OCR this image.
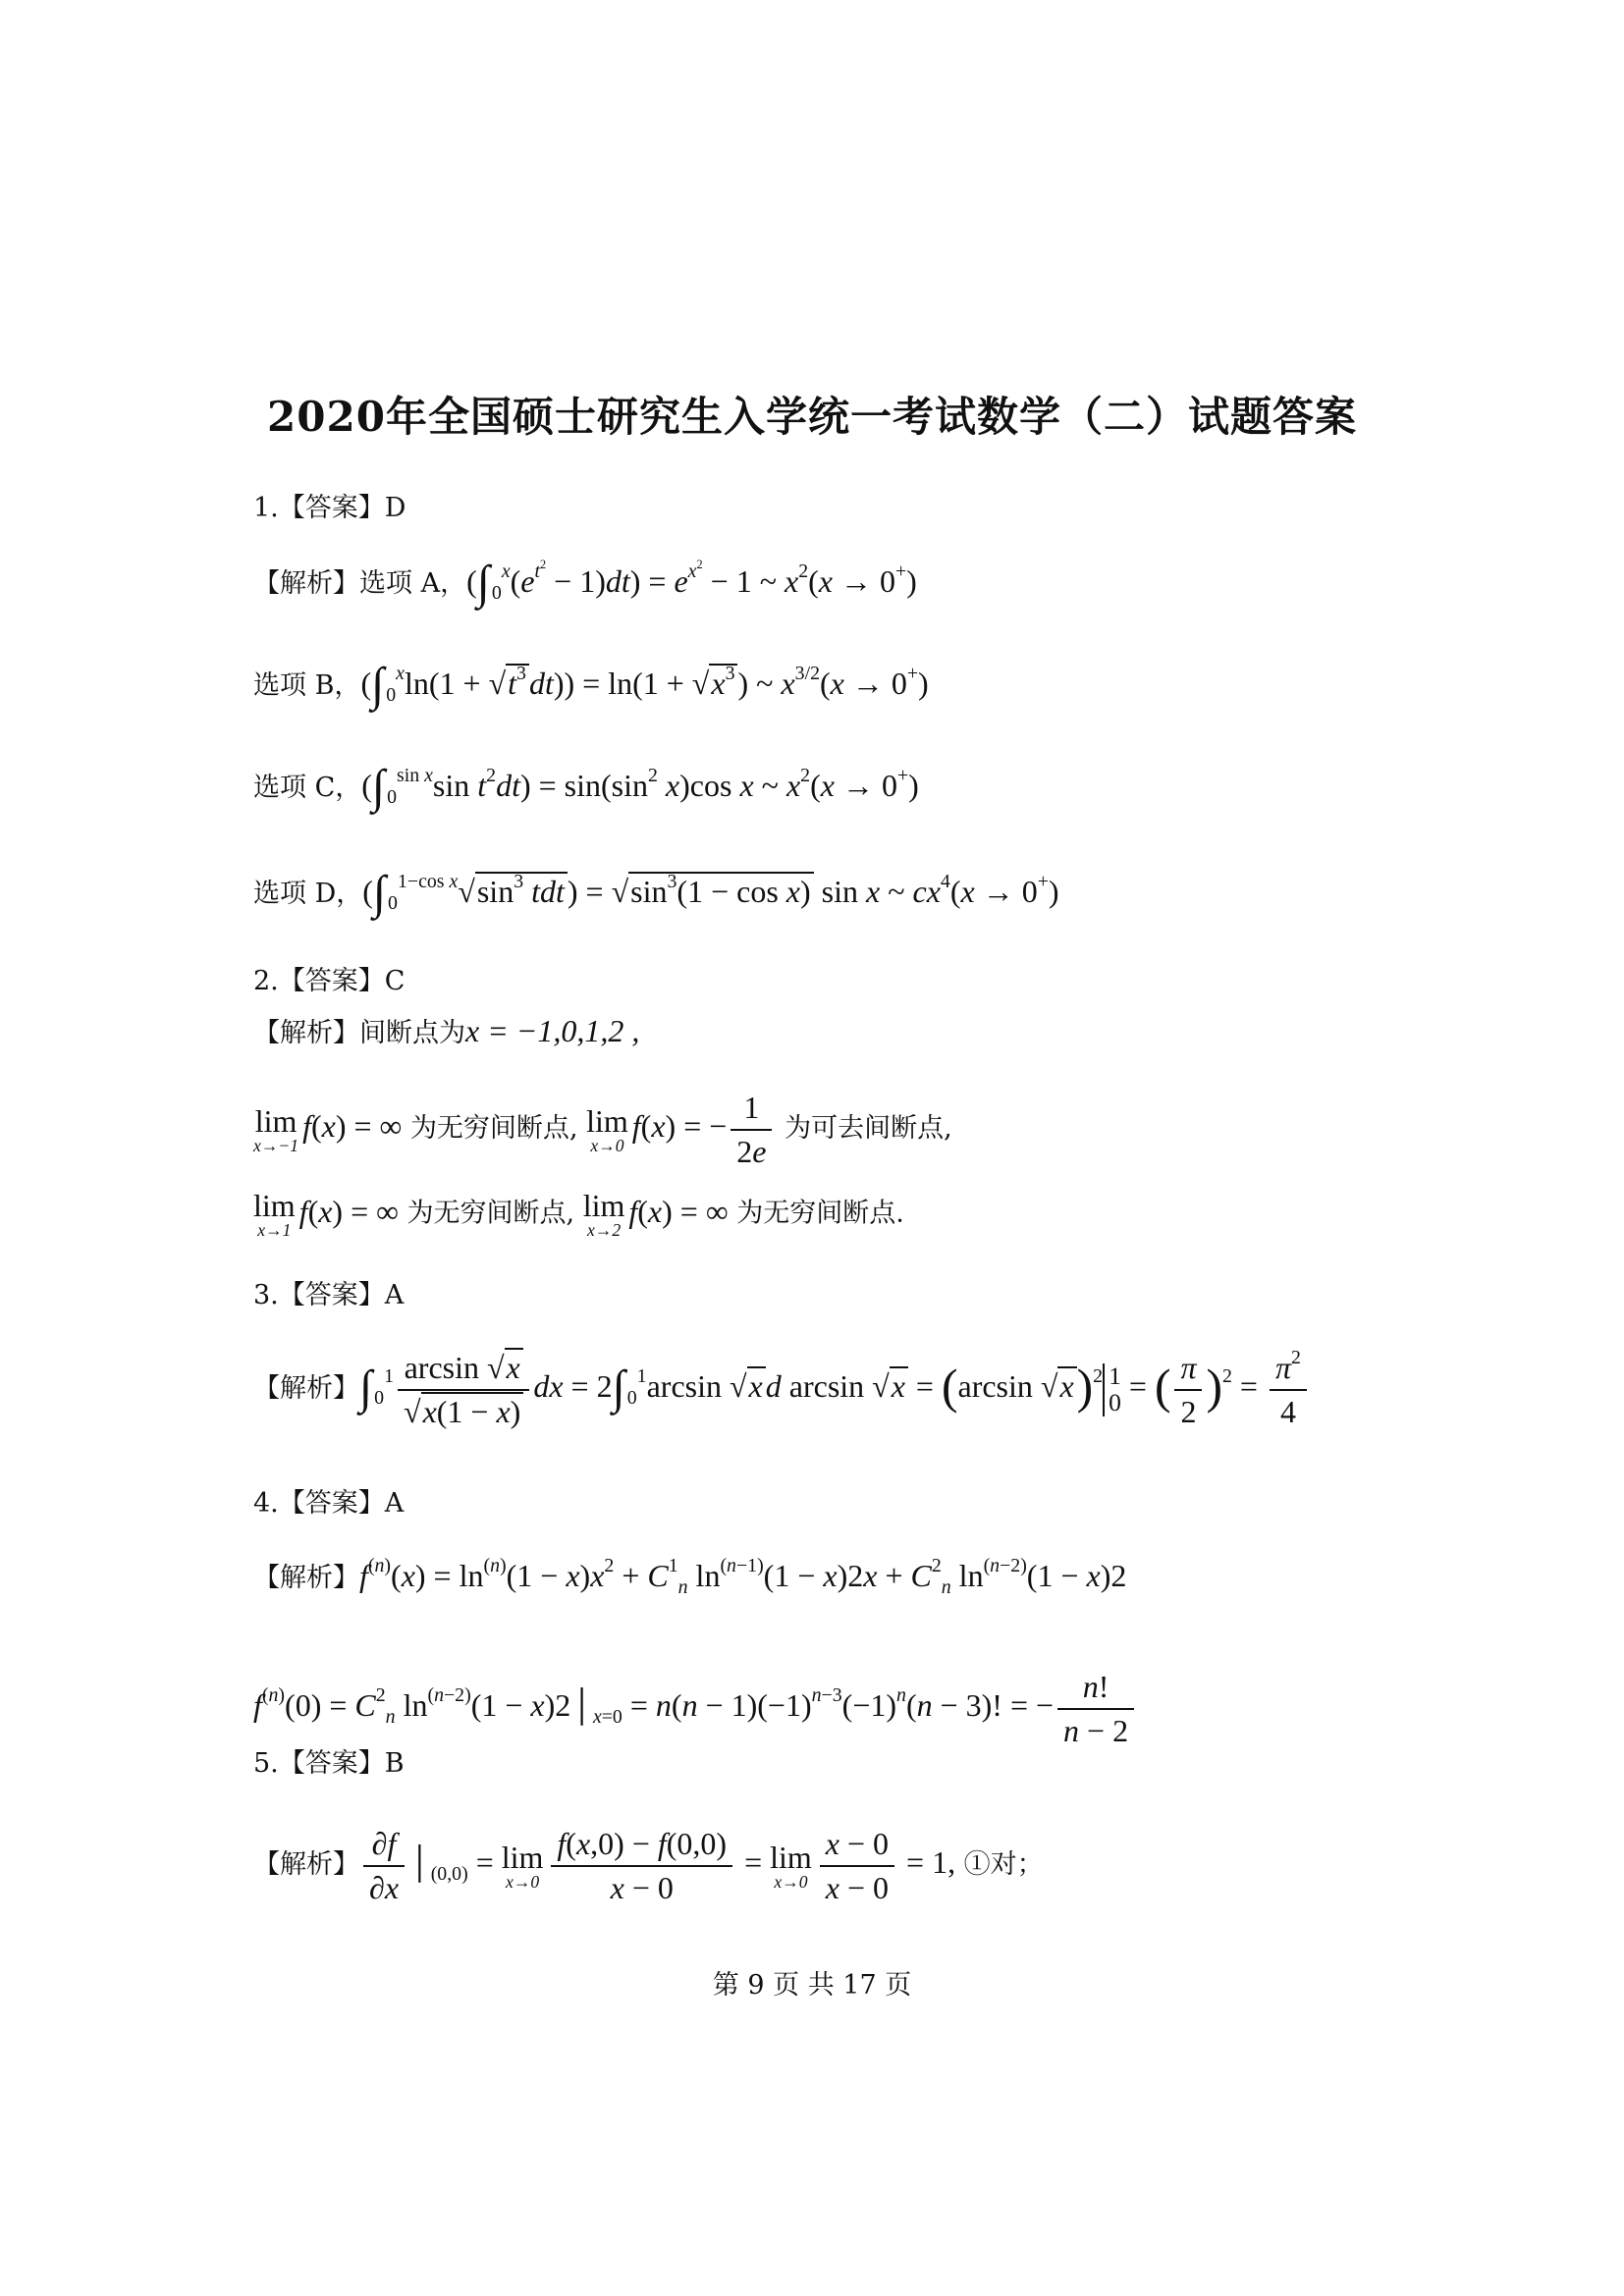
2020年全国硕士研究生入学统一考试数学（二）试题答案
1.【答案】D
【解析】选项 A，(∫ $_0^x(e^{t^2} - 1)dt) = e^{x^2} - 1$ ~ $x^2(x \to 0^+)$
选项 B，(∫ $_0^x\ln(1 + √t^3dt)) = \ln(1 + √x^3)$ ~ $x^{3/2}(x \to 0^+)$
选项 C，(∫ $_0^{sin x}$sin $t^2dt) = \sin(\sin^2$ x)cos x ~ $x^2(x \to 0^+)$
选项 D，(∫ $_0^{1-cos x}√\sin^3$ $tdt) = √\sin^3(1 - \cos x)$ sin x ~ $cx^4(x \to 0^+)$
2.【答案】C
【解析】间断点为x = −1,0,1,2 ,
lim
x→−1
f(x) = ∞ 为无穷间断点, lim
x→0
f(x) = − $\frac{1}{2e}$ 为可去间断点,
lim
x→1
f(x) = ∞ 为无穷间断点, lim
x→2
f(x) = ∞ 为无穷间断点.
3.【答案】A
【解析】∫ $_0^1 \frac{\arcsin √x}{√x(1 - x)}$ dx = 2∫ $_0^1$arcsin √xd arcsin √x = (arcsin √x)$^2$ 1
0 = ( $\frac{\pi}{2} )^2 = \frac{\pi^2}{4}$
4.【答案】A
【解析】$f^{(n)}(x) = \ln^{(n)}(1 - x)x^2 + C^1_n$ $\ln^{(n-1)}(1 - x)2x + C^2_n$ $\ln^{(n-2)}(1 - x)2$
$f^{(n)}(0) = C^2_n$ $\ln^{(n-2)}(1$ − $x)2│_{x=0} = n(n - 1)(-1)^{n-3}(-1)^n(n - 3)$! = − $\frac{n!}{n - 2}$
5.【答案】B
【解析】 $\frac{\partial f}{\partial x}$ $│_{(0,0)} = \lim$
$x\to 0 \frac{f(x,0) - f(0,0)}{x - 0} = \lim$
$x\to 0 \frac{x - 0}{x - 0} = 1$, ①对；
第 9 页 共 17 页
